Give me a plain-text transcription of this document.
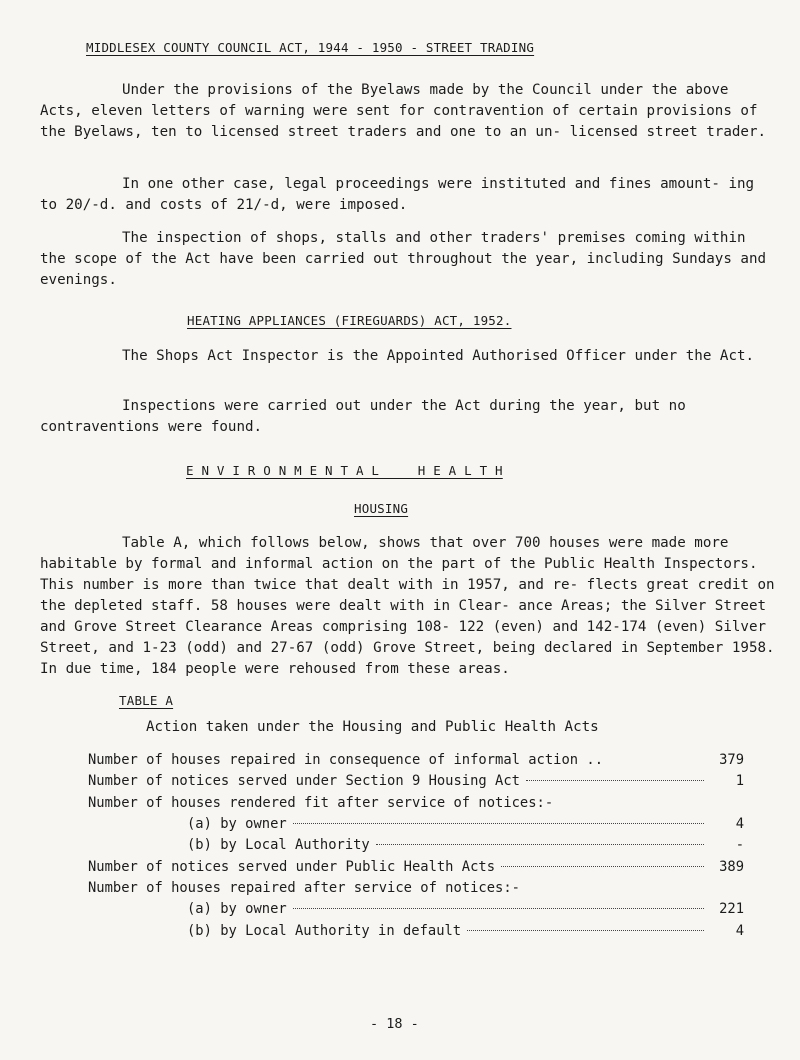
MIDDLESEX COUNTY COUNCIL ACT, 1944 - 1950 - STREET TRADING
Under the provisions of the Byelaws made by the Council under the above Acts, eleven letters of warning were sent for contravention of certain provisions of the Byelaws, ten to licensed street traders and one to an un- licensed street trader.
In one other case, legal proceedings were instituted and fines amount- ing to 20/-d. and costs of 21/-d, were imposed.
The inspection of shops, stalls and other traders' premises coming within the scope of the Act have been carried out throughout the year, including Sundays and evenings.
HEATING APPLIANCES (FIREGUARDS) ACT, 1952.
The Shops Act Inspector is the Appointed Authorised Officer under the Act.
Inspections were carried out under the Act during the year, but no contraventions were found.
E N V I R O N M E N T A L     H E A L T H
HOUSING
Table A, which follows below, shows that over 700 houses were made more habitable by formal and informal action on the part of the Public Health Inspectors. This number is more than twice that dealt with in 1957, and re- flects great credit on the depleted staff. 58 houses were dealt with in Clear- ance Areas; the Silver Street and Grove Street Clearance Areas comprising 108- 122 (even) and 142-174 (even) Silver Street, and 1-23 (odd) and 27-67 (odd) Grove Street, being declared in September 1958. In due time, 184 people were rehoused from these areas.
TABLE A
Action taken under the Housing and Public Health Acts
Number of houses repaired in consequence of informal action ..	379
Number of notices served under Section 9 Housing Act	1
Number of houses rendered fit after service of notices:-
(a) by owner	4
(b) by Local Authority	-
Number of notices served under Public Health Acts	389
Number of houses repaired after service of notices:-
(a) by owner	221
(b) by Local Authority in default	4
- 18 -
